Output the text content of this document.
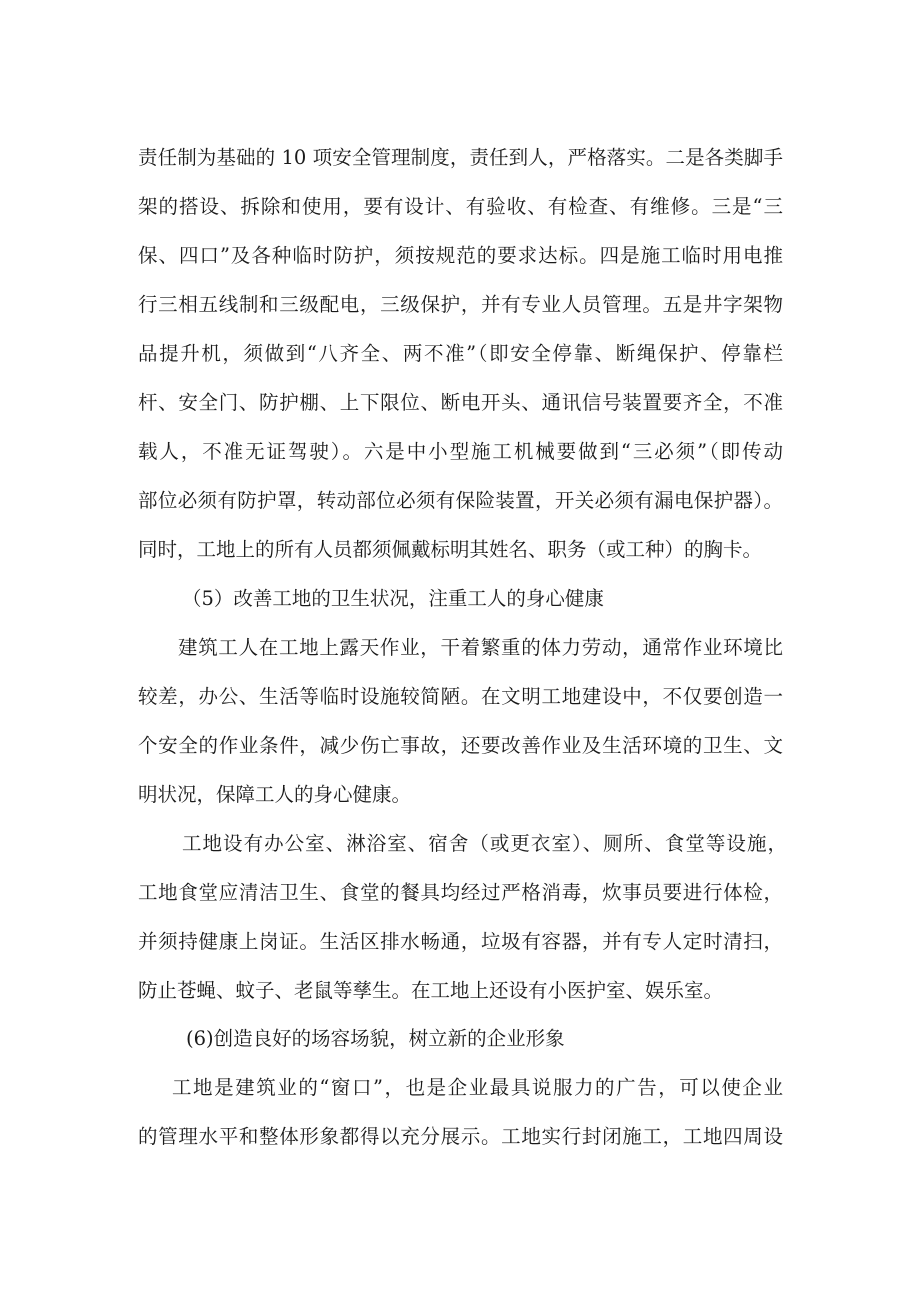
责任制为基础的 10 项安全管理制度，责任到人，严格落实。二是各类脚手
架的搭设、拆除和使用，要有设计、有验收、有检查、有维修。三是“三
保、四口”及各种临时防护，须按规范的要求达标。四是施工临时用电推
行三相五线制和三级配电，三级保护，并有专业人员管理。五是井字架物
品提升机，须做到“八齐全、两不准”（即安全停靠、断绳保护、停靠栏
杆、安全门、防护棚、上下限位、断电开头、通讯信号装置要齐全，不准
载人，不准无证驾驶）。六是中小型施工机械要做到“三必须”（即传动
部位必须有防护罩，转动部位必须有保险装置，开关必须有漏电保护器）。
同时，工地上的所有人员都须佩戴标明其姓名、职务（或工种）的胸卡。
（5）改善工地的卫生状况，注重工人的身心健康
建筑工人在工地上露天作业，干着繁重的体力劳动，通常作业环境比
较差，办公、生活等临时设施较简陋。在文明工地建设中，不仅要创造一
个安全的作业条件，减少伤亡事故，还要改善作业及生活环境的卫生、文
明状况，保障工人的身心健康。
工地设有办公室、淋浴室、宿舍（或更衣室）、厕所、食堂等设施，
工地食堂应清洁卫生、食堂的餐具均经过严格消毒，炊事员要进行体检，
并须持健康上岗证。生活区排水畅通，垃圾有容器，并有专人定时清扫，
防止苍蝇、蚊子、老鼠等孳生。在工地上还设有小医护室、娱乐室。
(6)创造良好的场容场貌，树立新的企业形象
工地是建筑业的“窗口”，也是企业最具说服力的广告，可以使企业
的管理水平和整体形象都得以充分展示。工地实行封闭施工，工地四周设
